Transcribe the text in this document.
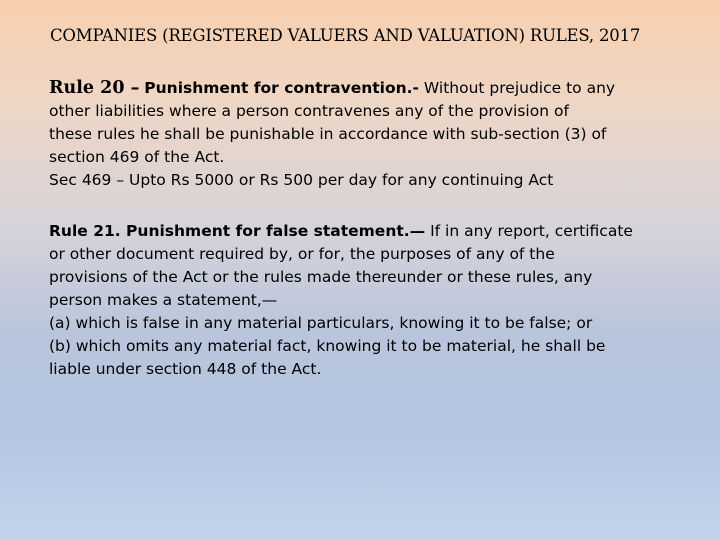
COMPANIES (REGISTERED VALUERS AND VALUATION) RULES, 2017
Rule 20 – Punishment for contravention.- Without prejudice to any
other liabilities where a person contravenes any of the provision of
these rules he shall be punishable in accordance with sub-section (3) of
section 469 of the Act.
Sec 469 – Upto Rs 5000 or Rs 500 per day for any continuing Act
Rule 21. Punishment for false statement.— If in any report, certificate
or other document required by, or for, the purposes of any of the
provisions of the Act or the rules made thereunder or these rules, any
person makes a statement,—
(a) which is false in any material particulars, knowing it to be false; or
(b) which omits any material fact, knowing it to be material, he shall be
liable under section 448 of the Act.
